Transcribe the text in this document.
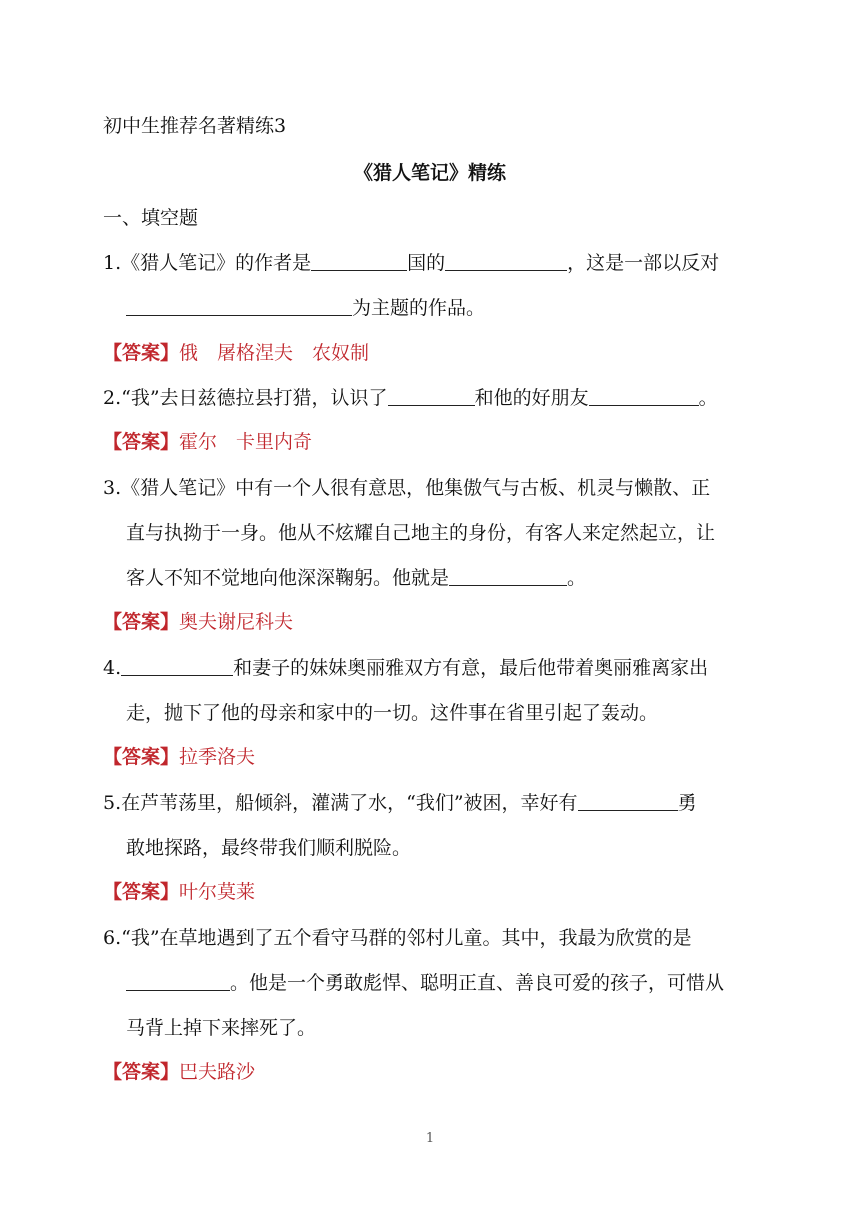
初中生推荐名著精练3
《猎人笔记》精练
一、填空题
1.《猎人笔记》的作者是	国的	，这是一部以反对
为主题的作品。
【答案】俄　屠格涅夫　农奴制
2.“我”去日兹德拉县打猎，认识了	和他的好朋友	。
【答案】霍尔　卡里内奇
3.《猎人笔记》中有一个人很有意思，他集傲气与古板、机灵与懒散、正
直与执拗于一身。他从不炫耀自己地主的身份，有客人来定然起立，让
客人不知不觉地向他深深鞠躬。他就是	。
【答案】奥夫谢尼科夫
4.	和妻子的妹妹奥丽雅双方有意，最后他带着奥丽雅离家出
走，抛下了他的母亲和家中的一切。这件事在省里引起了轰动。
【答案】拉季洛夫
5.在芦苇荡里，船倾斜，灌满了水，“我们”被困，幸好有	勇
敢地探路，最终带我们顺利脱险。
【答案】叶尔莫莱
6.“我”在草地遇到了五个看守马群的邻村儿童。其中，我最为欣赏的是
。他是一个勇敢彪悍、聪明正直、善良可爱的孩子，可惜从
马背上掉下来摔死了。
【答案】巴夫路沙
1
